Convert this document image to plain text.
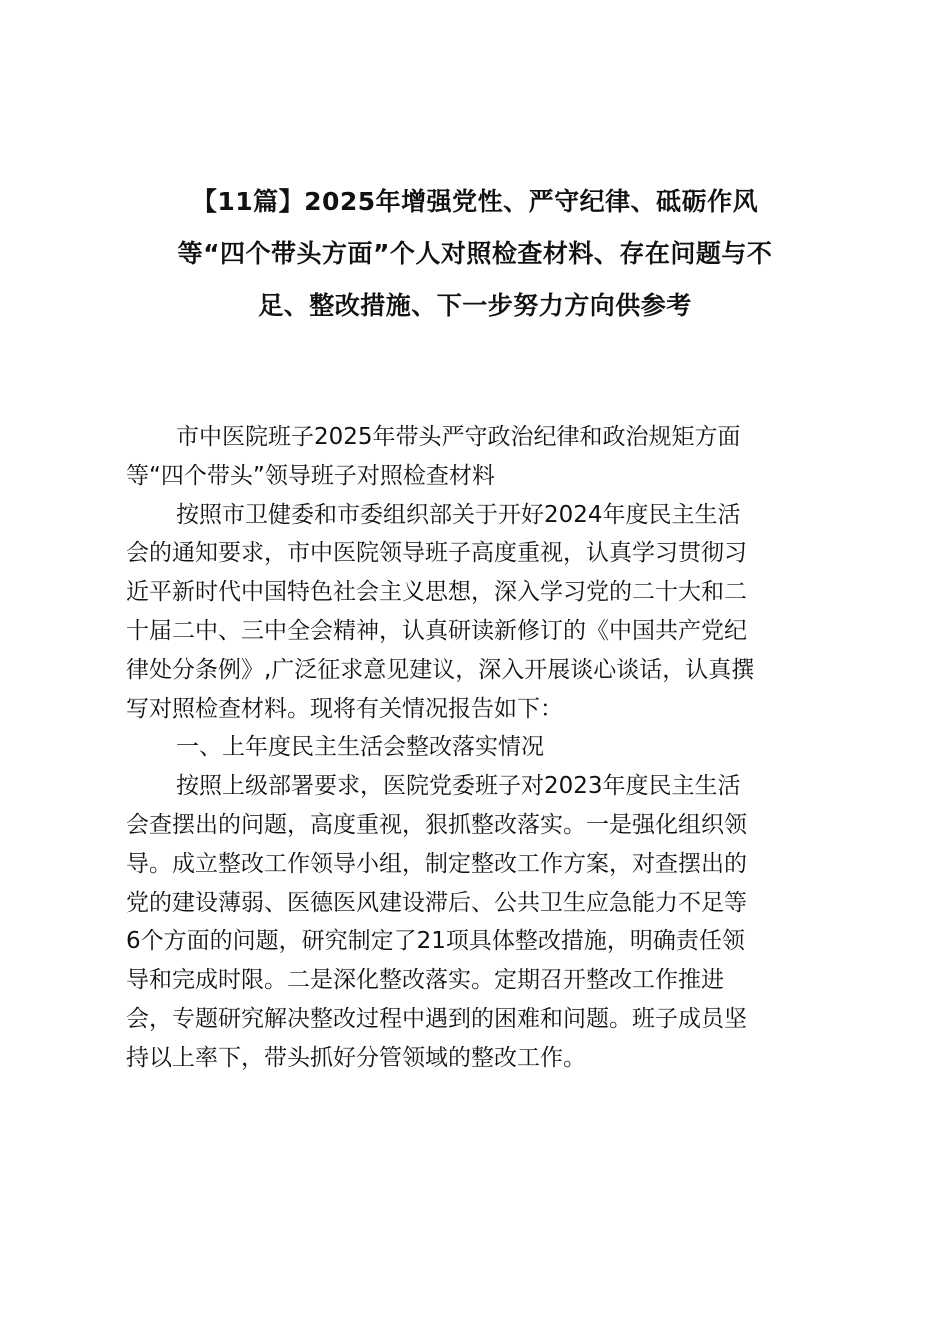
【11篇】2025年增强党性、严守纪律、砥砺作风
等“四个带头方面”个人对照检查材料、存在问题与不
足、整改措施、下一步努力方向供参考
市中医院班子2025年带头严守政治纪律和政治规矩方面
等“四个带头”领导班子对照检查材料
按照市卫健委和市委组织部关于开好2024年度民主生活
会的通知要求，市中医院领导班子高度重视，认真学习贯彻习
近平新时代中国特色社会主义思想，深入学习党的二十大和二
十届二中、三中全会精神，认真研读新修订的《中国共产党纪
律处分条例》,广泛征求意见建议，深入开展谈心谈话，认真撰
写对照检查材料。现将有关情况报告如下：
一、上年度民主生活会整改落实情况
按照上级部署要求，医院党委班子对2023年度民主生活
会查摆出的问题，高度重视，狠抓整改落实。一是强化组织领
导。成立整改工作领导小组，制定整改工作方案，对查摆出的
党的建设薄弱、医德医风建设滞后、公共卫生应急能力不足等
6个方面的问题，研究制定了21项具体整改措施，明确责任领
导和完成时限。二是深化整改落实。定期召开整改工作推进
会，专题研究解决整改过程中遇到的困难和问题。班子成员坚
持以上率下，带头抓好分管领域的整改工作。
